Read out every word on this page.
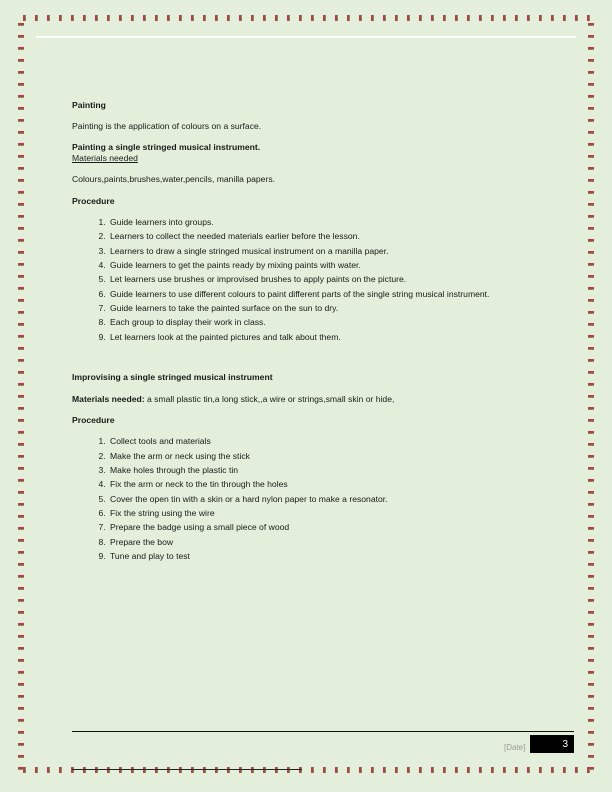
Painting

Painting is the application of colours on a surface.

Painting a single stringed musical instrument.

Materials needed

Colours,paints,brushes,water,pencils, manilla papers.

Procedure

1. Guide learners into groups.
2. Learners to collect the needed materials earlier before the lesson.
3. Learners to draw a single stringed musical instrument on a manilla paper.
4. Guide learners to get the paints ready by mixing paints with water.
5. Let learners use brushes or improvised brushes to apply paints on the picture.
6. Guide learners to use different colours to paint different parts of the single string musical instrument.
7. Guide learners to take the painted surface on the sun to dry.
8. Each group to display their work in class.
9. Let learners look at the painted pictures and talk about them.

Improvising a single stringed musical instrument

Materials needed: a small plastic tin,a long stick,,a wire or strings,small skin or hide,

Procedure

1. Collect tools and materials
2. Make the arm or neck using the stick
3. Make holes through the plastic tin
4. Fix the arm or neck to the tin through the holes
5. Cover the open tin with a skin or a hard nylon paper to make a resonator.
6. Fix the string using the wire
7. Prepare the badge using a small piece of wood
8. Prepare the bow
9. Tune and play to test
[Date]	3
